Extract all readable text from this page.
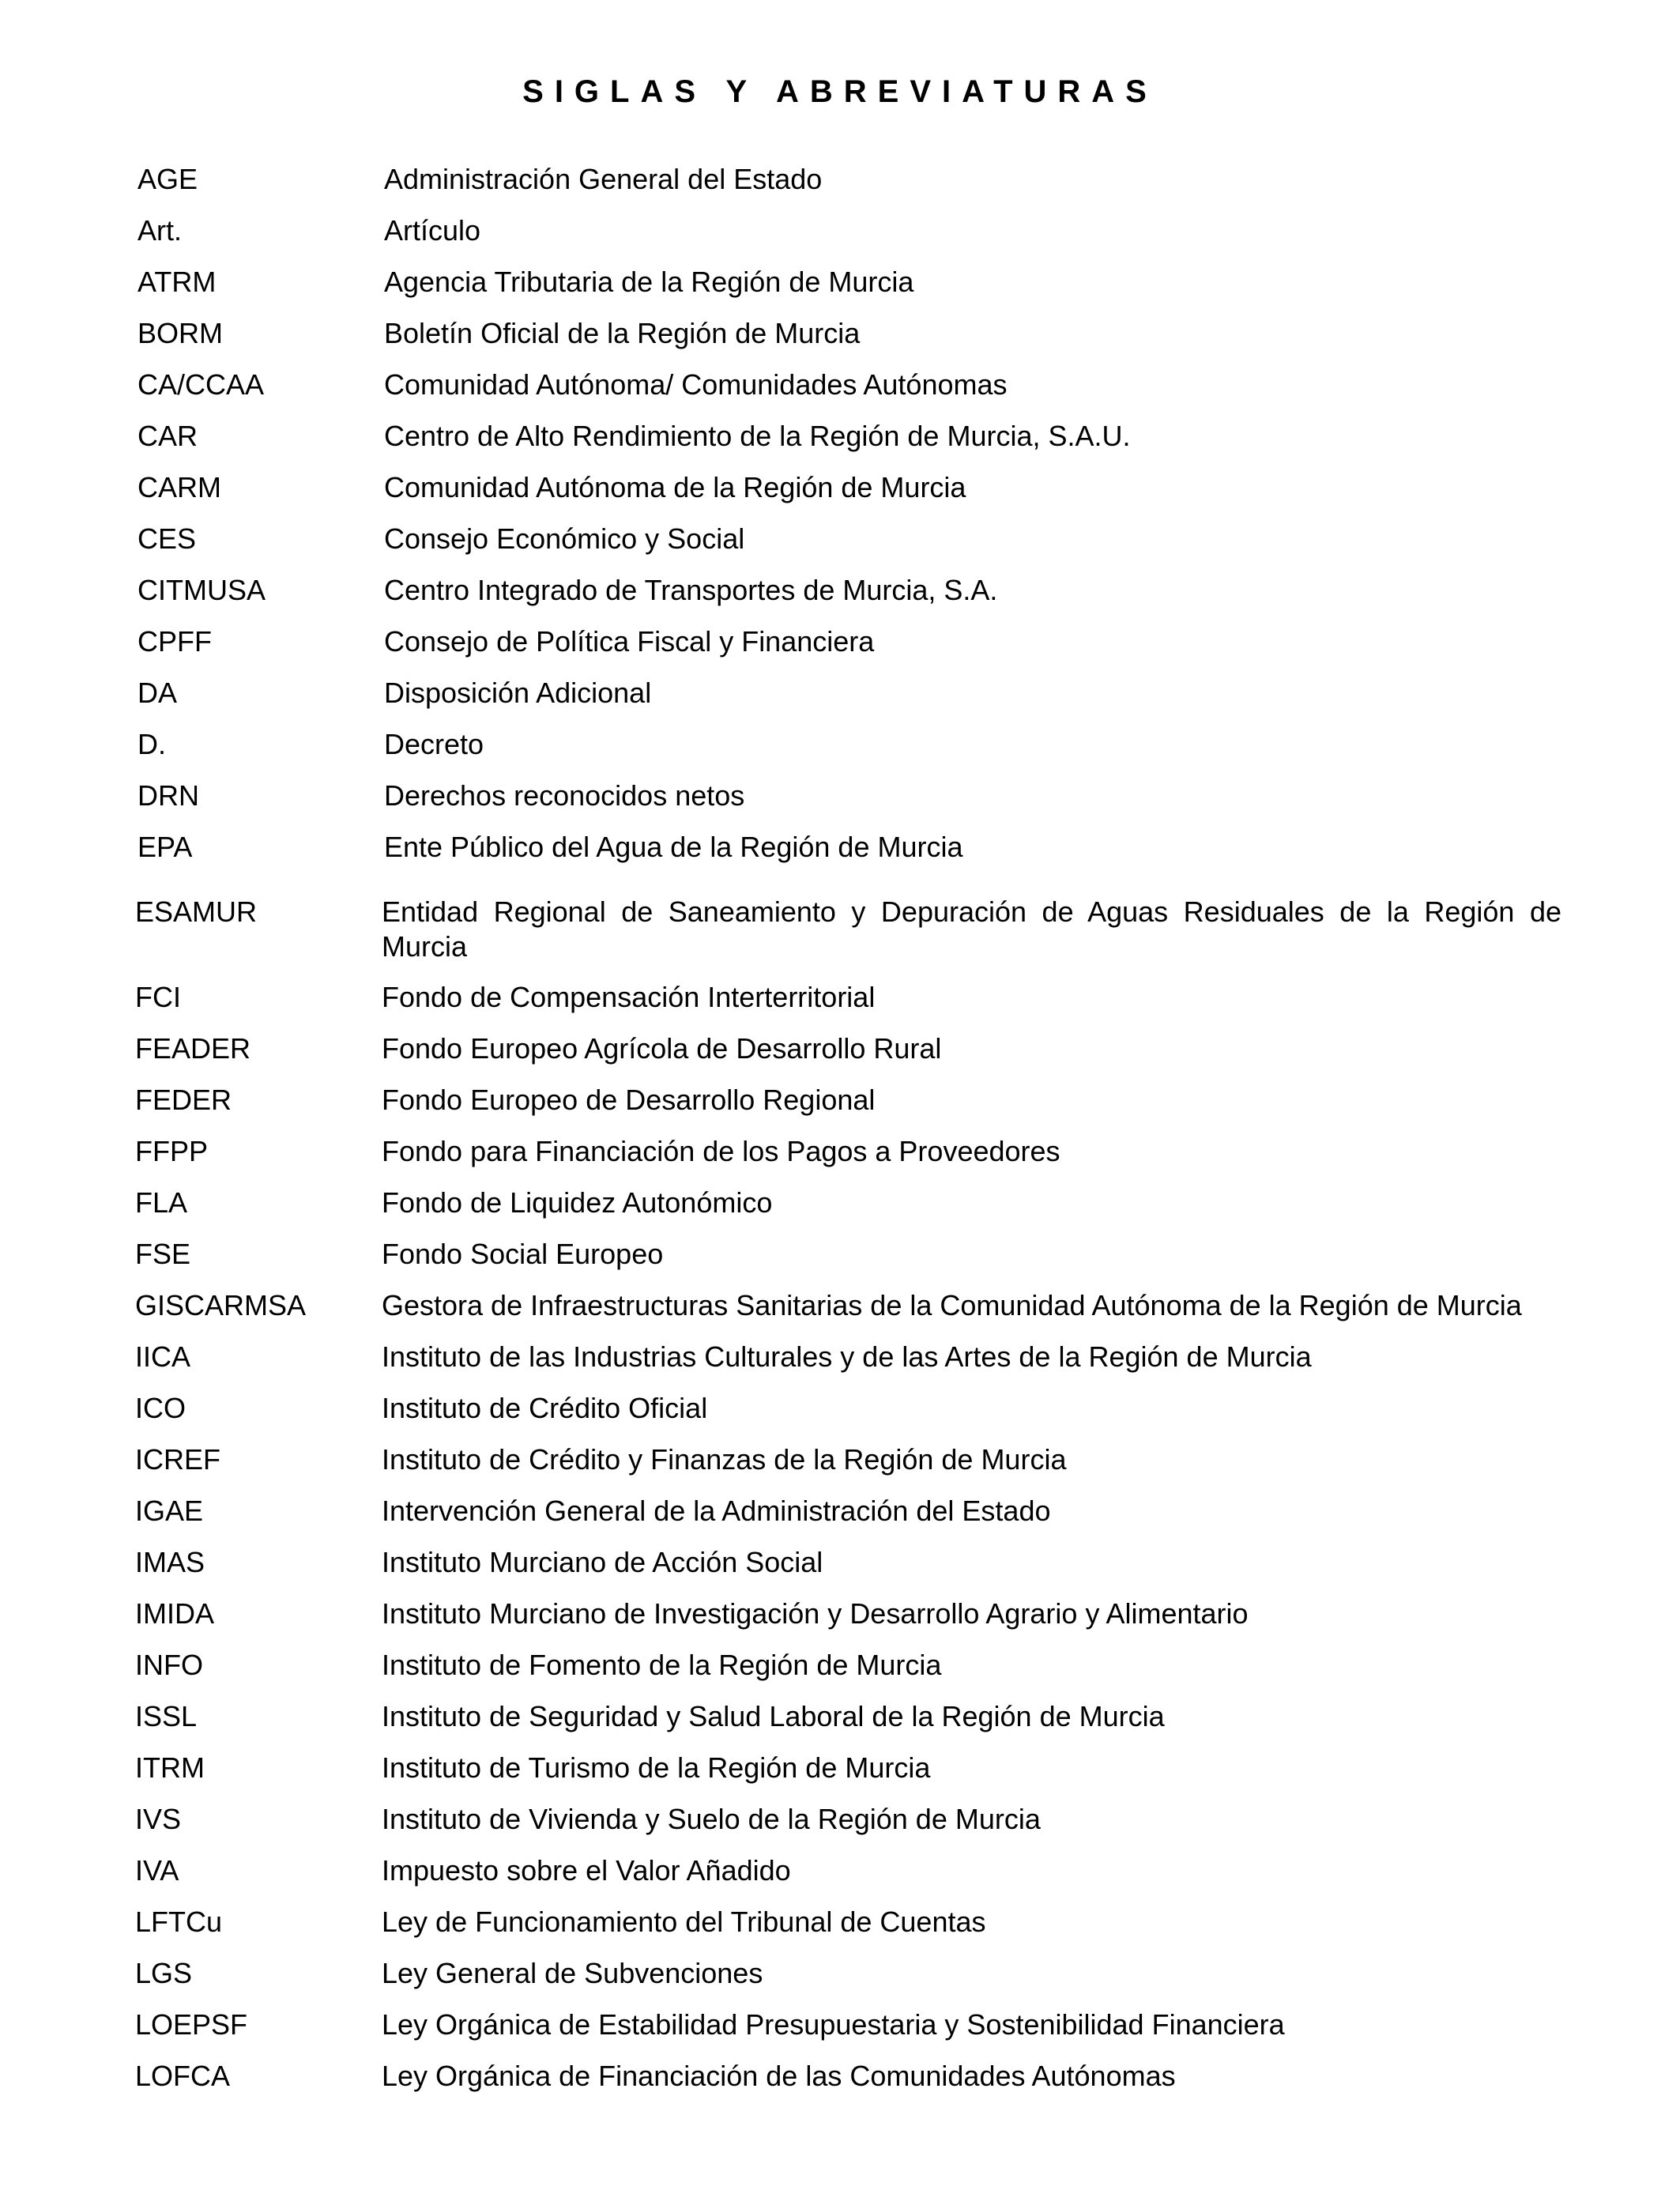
SIGLAS Y ABREVIATURAS
AGE	Administración General del Estado
Art.	Artículo
ATRM	Agencia Tributaria de la Región de Murcia
BORM	Boletín Oficial de la Región de Murcia
CA/CCAA	Comunidad Autónoma/ Comunidades Autónomas
CAR	Centro de Alto Rendimiento de la Región de Murcia, S.A.U.
CARM	Comunidad Autónoma de la Región de Murcia
CES	Consejo Económico y Social
CITMUSA	Centro Integrado de Transportes de Murcia, S.A.
CPFF	Consejo de Política Fiscal y Financiera
DA	Disposición Adicional
D.	Decreto
DRN	Derechos reconocidos netos
EPA	Ente Público del Agua de la Región de Murcia
ESAMUR	Entidad Regional de Saneamiento y Depuración de Aguas Residuales de la Región de Murcia
FCI	Fondo de Compensación Interterritorial
FEADER	Fondo Europeo Agrícola de Desarrollo Rural
FEDER	Fondo Europeo de Desarrollo Regional
FFPP	Fondo para Financiación de los Pagos a Proveedores
FLA	Fondo de Liquidez Autonómico
FSE	Fondo Social Europeo
GISCARMSA	Gestora de Infraestructuras Sanitarias de la Comunidad Autónoma de la Región de Murcia
IICA	Instituto de las Industrias Culturales y de las Artes de la Región de Murcia
ICO	Instituto de Crédito Oficial
ICREF	Instituto de Crédito y Finanzas de la Región de Murcia
IGAE	Intervención General de la Administración del Estado
IMAS	Instituto Murciano de Acción Social
IMIDA	Instituto Murciano de Investigación y Desarrollo Agrario y Alimentario
INFO	Instituto de Fomento de la Región de Murcia
ISSL	Instituto de Seguridad y Salud Laboral de la Región de Murcia
ITRM	Instituto de Turismo de la Región de Murcia
IVS	Instituto de Vivienda y Suelo de la Región de Murcia
IVA	Impuesto sobre el Valor Añadido
LFTCu	Ley de Funcionamiento del Tribunal de Cuentas
LGS	Ley General de Subvenciones
LOEPSF	Ley Orgánica de Estabilidad Presupuestaria y Sostenibilidad Financiera
LOFCA	Ley Orgánica de Financiación de las Comunidades Autónomas
